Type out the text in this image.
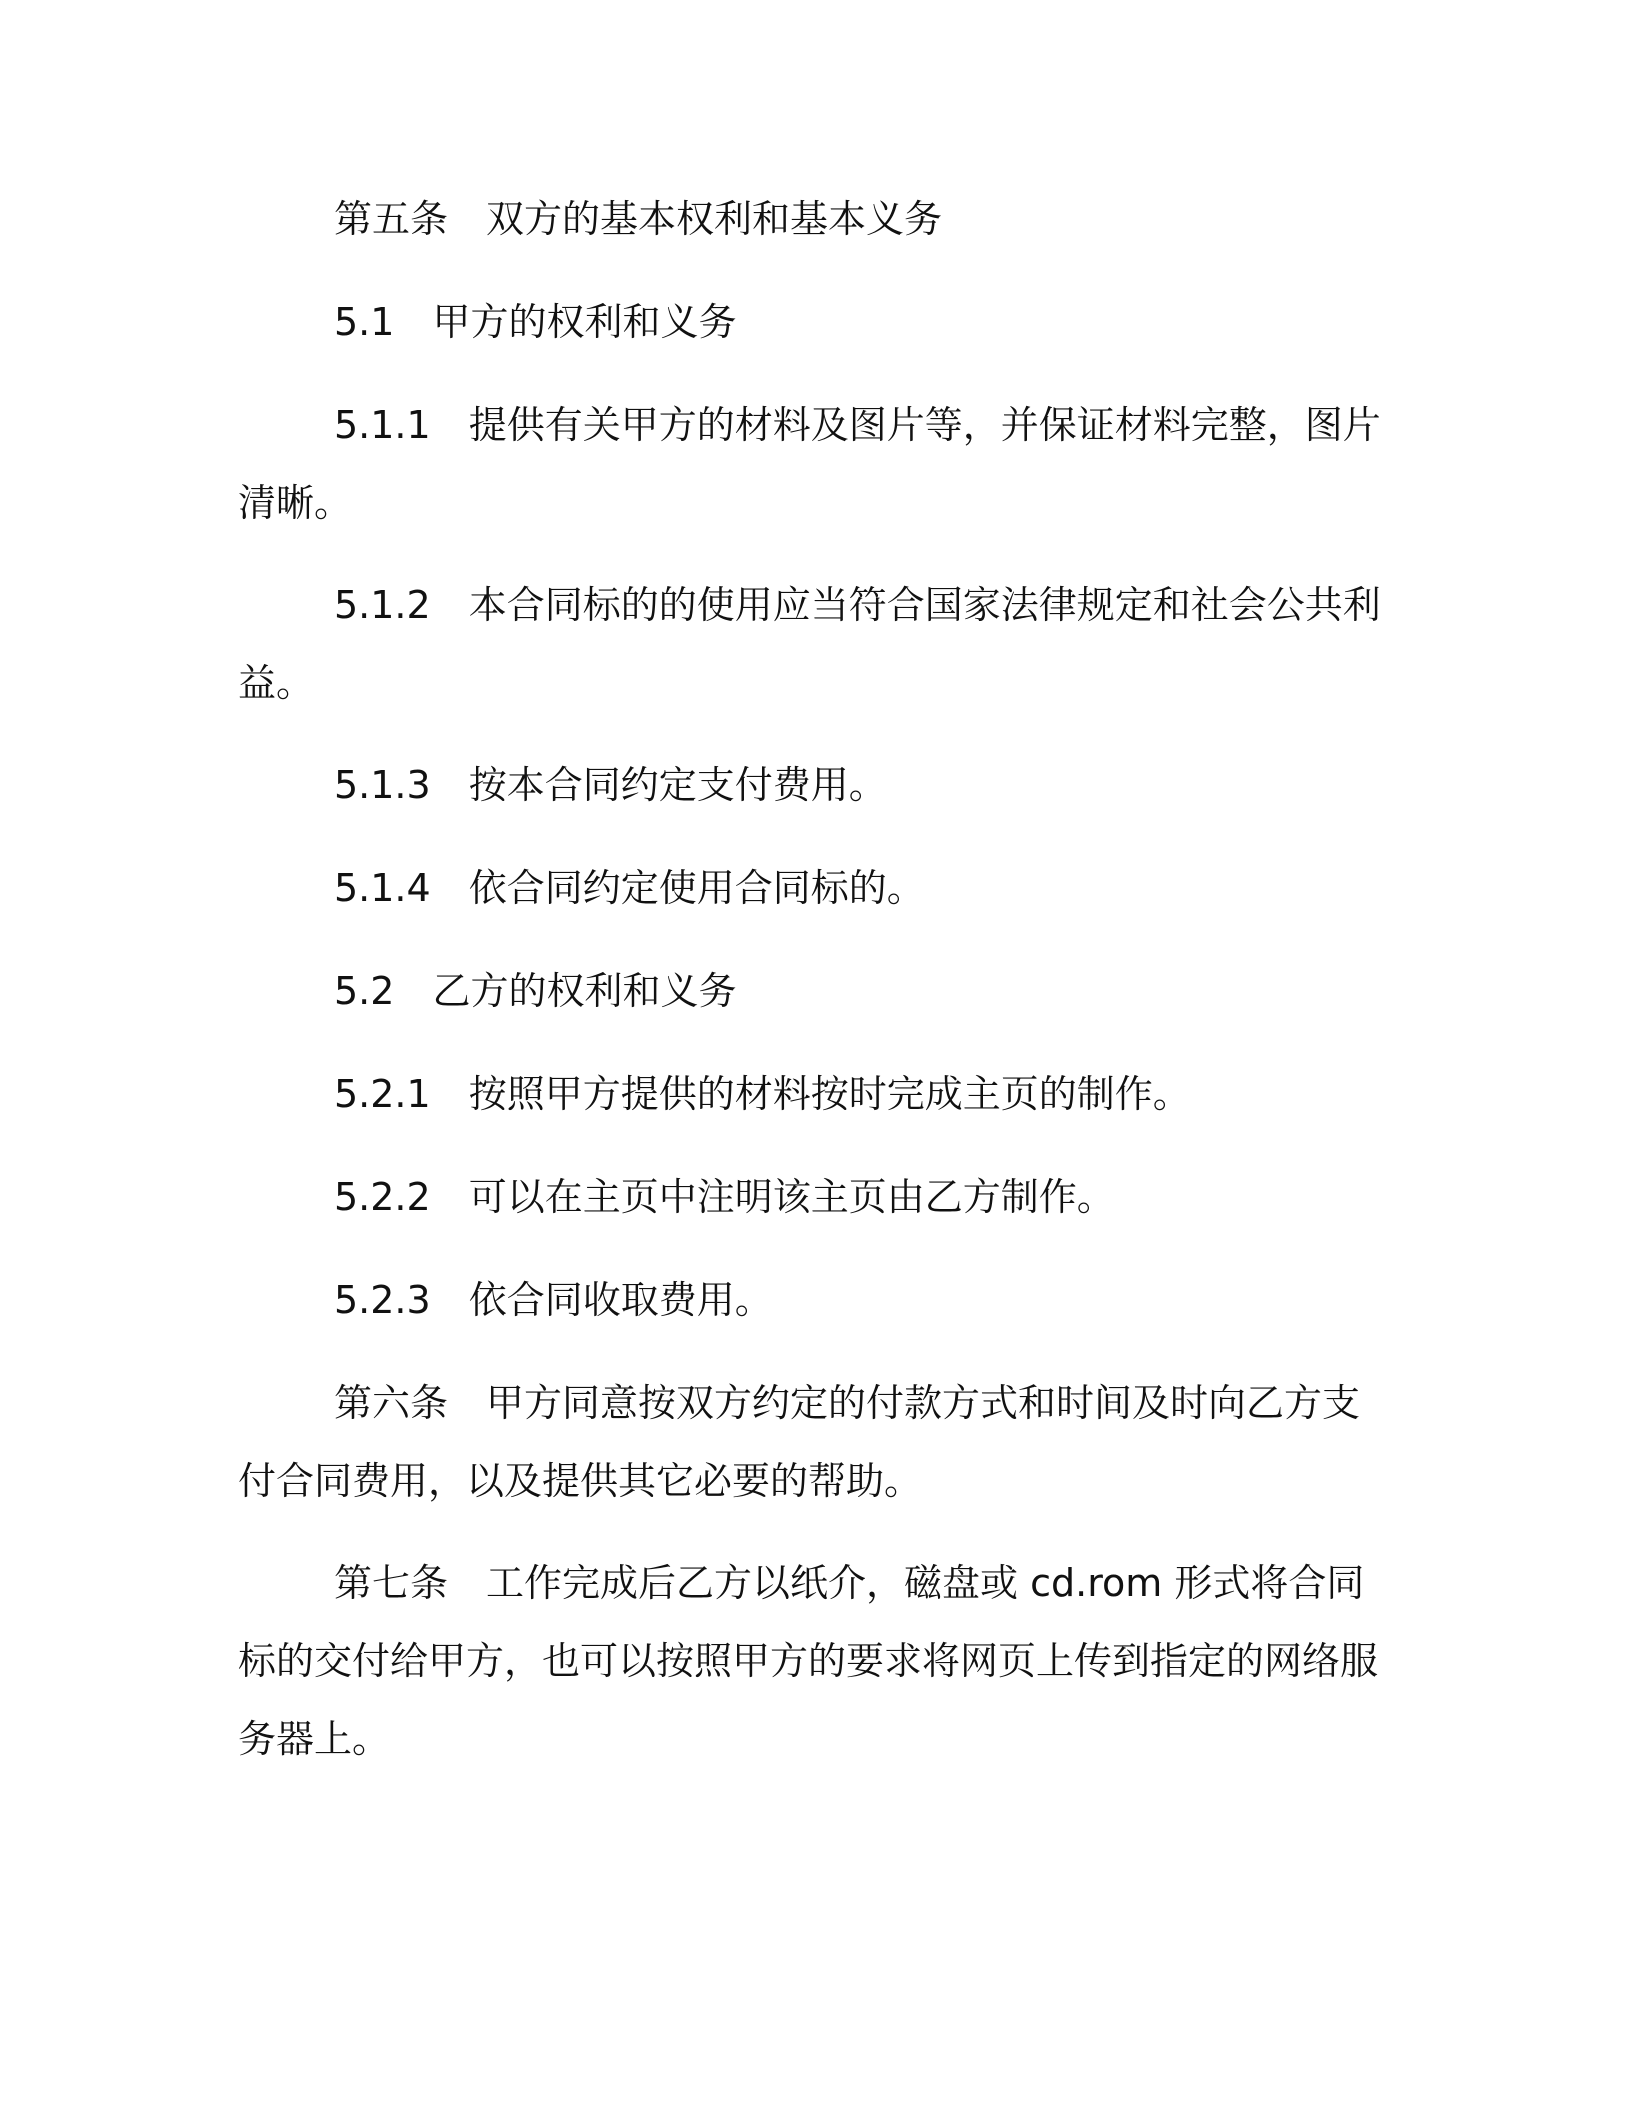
第五条 双方的基本权利和基本义务

5.1 甲方的权利和义务

5.1.1 提供有关甲方的材料及图片等，并保证材料完整，图片清晰。

5.1.2 本合同标的的使用应当符合国家法律规定和社会公共利益。

5.1.3 按本合同约定支付费用。

5.1.4 依合同约定使用合同标的。

5.2 乙方的权利和义务

5.2.1 按照甲方提供的材料按时完成主页的制作。

5.2.2 可以在主页中注明该主页由乙方制作。

5.2.3 依合同收取费用。

第六条 甲方同意按双方约定的付款方式和时间及时向乙方支付合同费用，以及提供其它必要的帮助。

第七条 工作完成后乙方以纸介，磁盘或 cd.rom 形式将合同标的交付给甲方，也可以按照甲方的要求将网页上传到指定的网络服务器上。
